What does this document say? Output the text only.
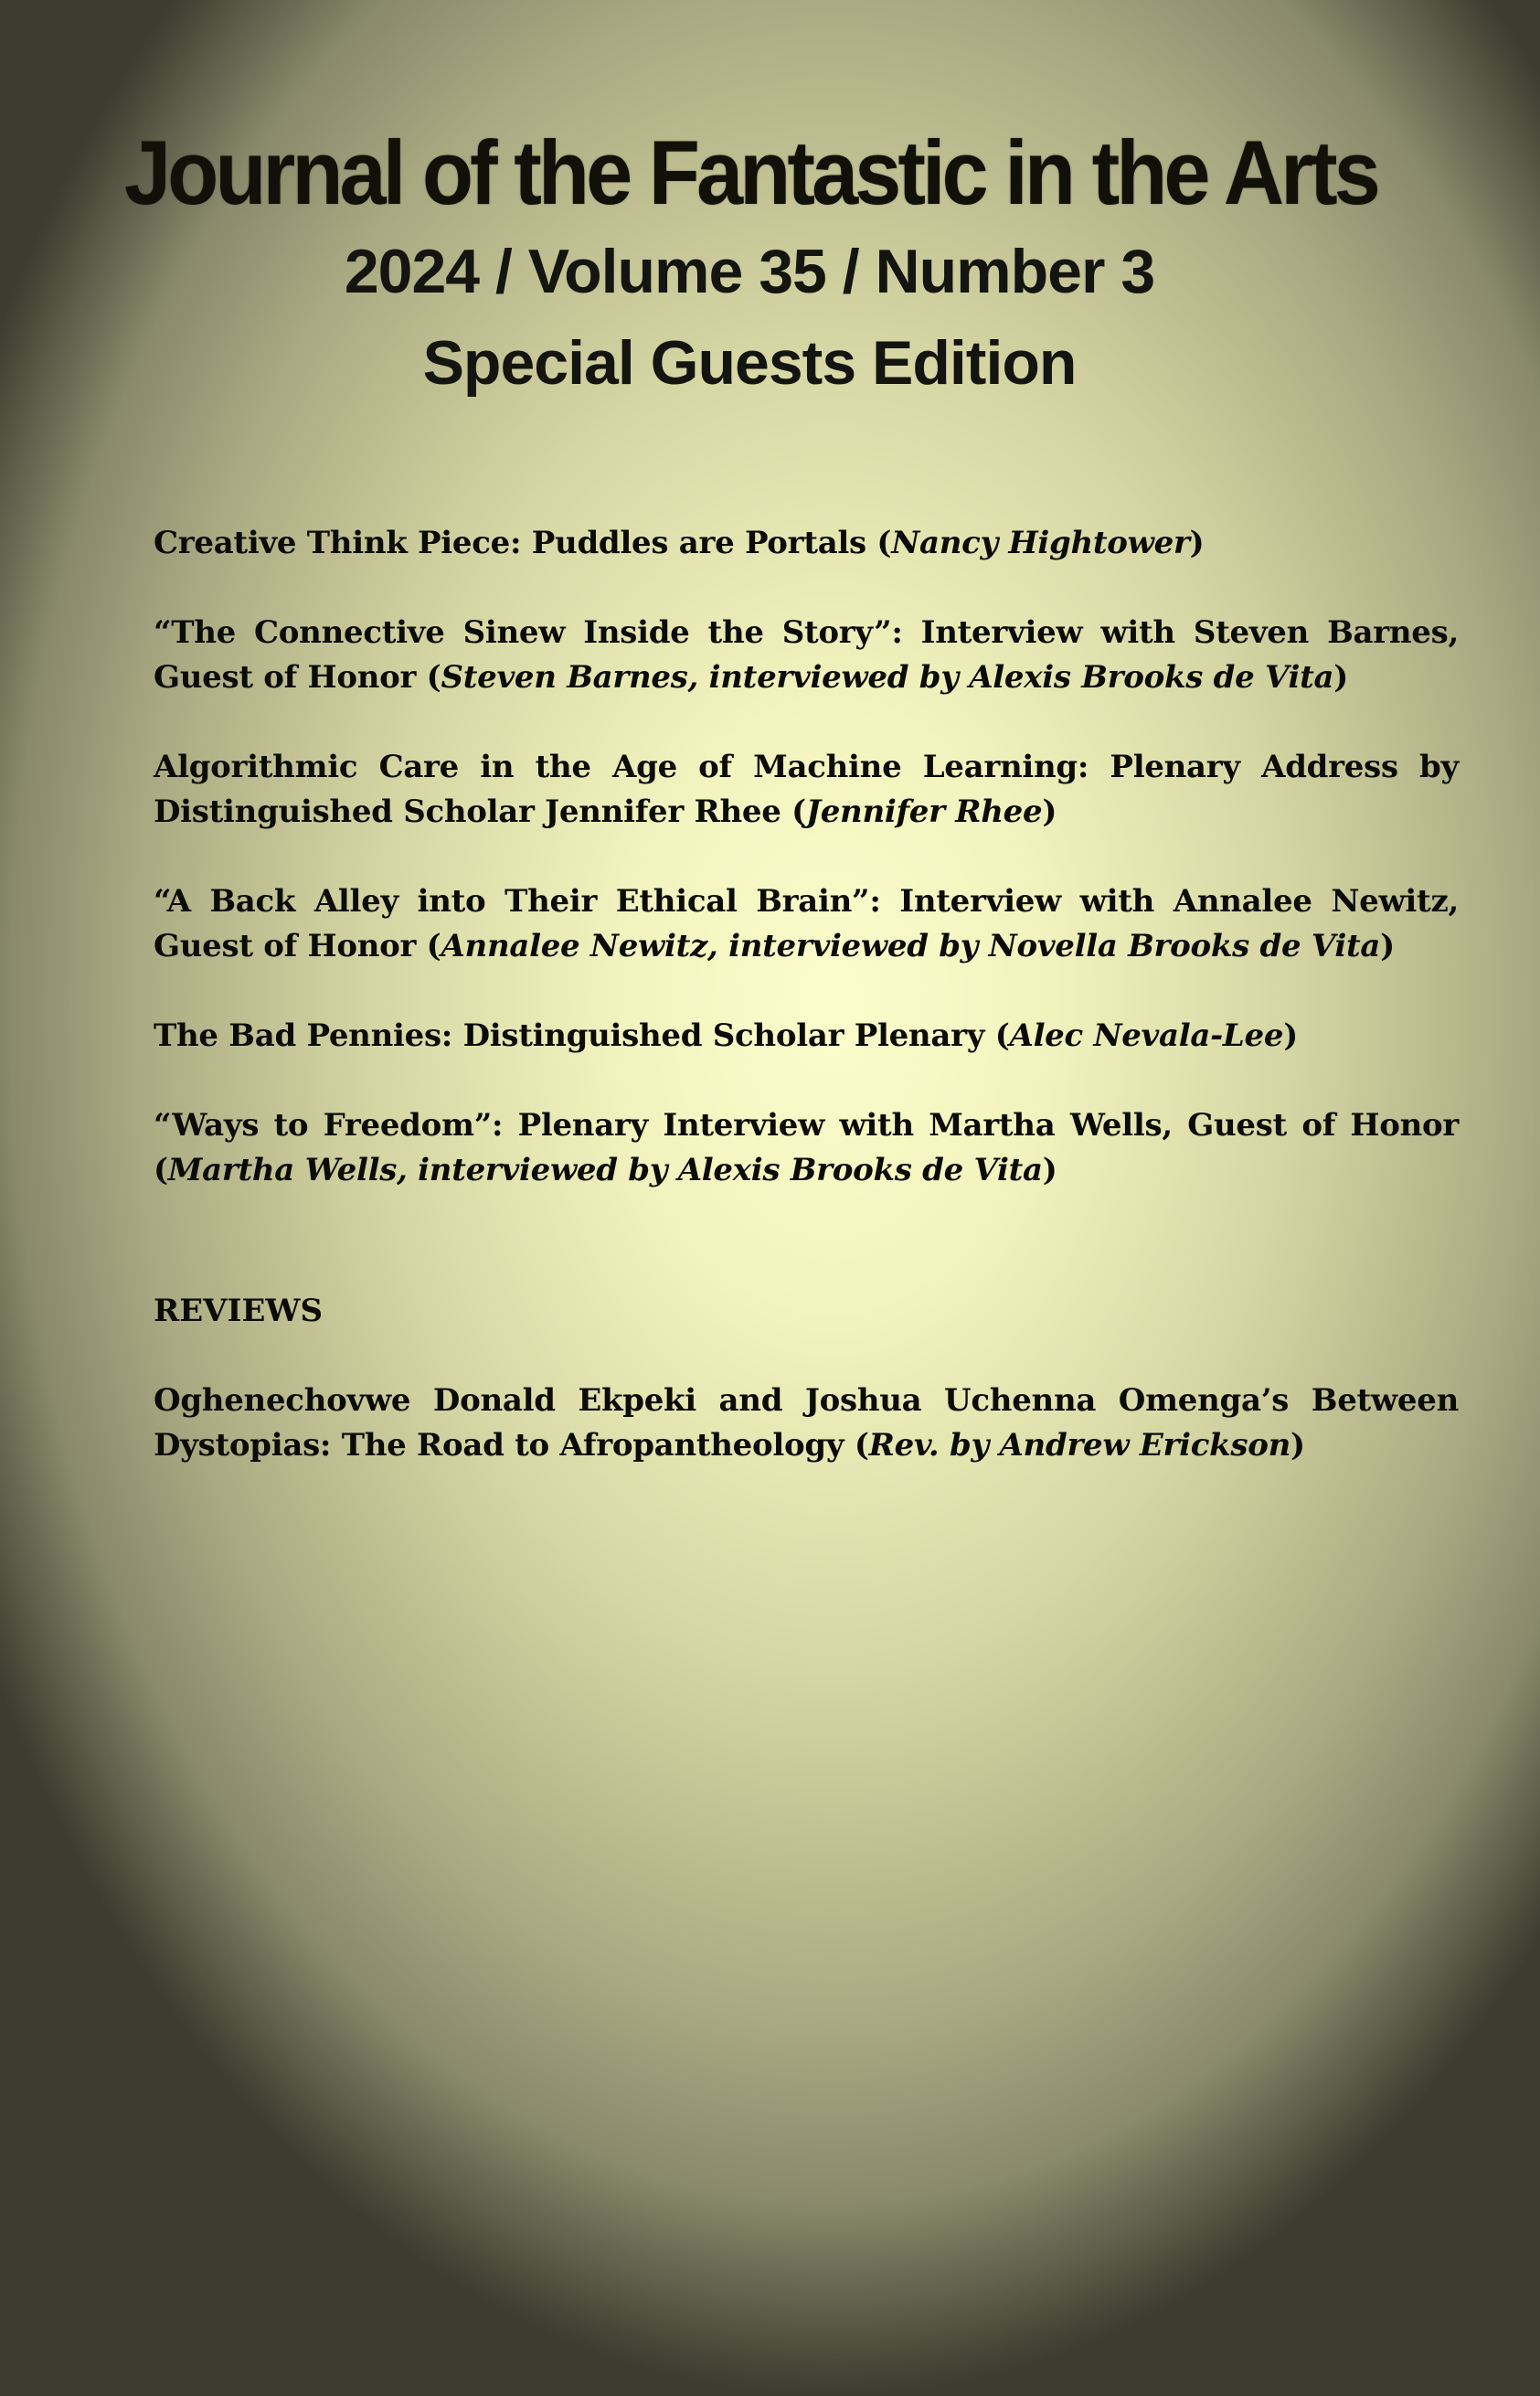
Journal of the Fantastic in the Arts
2024 / Volume 35 / Number 3
Special Guests Edition
Creative Think Piece: Puddles are Portals (Nancy Hightower)
“The Connective Sinew Inside the Story”: Interview with Steven Barnes, Guest of Honor (Steven Barnes, interviewed by Alexis Brooks de Vita)
Algorithmic Care in the Age of Machine Learning: Plenary Address by Distinguished Scholar Jennifer Rhee (Jennifer Rhee)
“A Back Alley into Their Ethical Brain”: Interview with Annalee Newitz, Guest of Honor (Annalee Newitz, interviewed by Novella Brooks de Vita)
The Bad Pennies: Distinguished Scholar Plenary (Alec Nevala-Lee)
“Ways to Freedom”: Plenary Interview with Martha Wells, Guest of Honor (Martha Wells, interviewed by Alexis Brooks de Vita)
REVIEWS
Oghenechovwe Donald Ekpeki and Joshua Uchenna Omenga’s Between Dystopias: The Road to Afropantheology (Rev. by Andrew Erickson)
